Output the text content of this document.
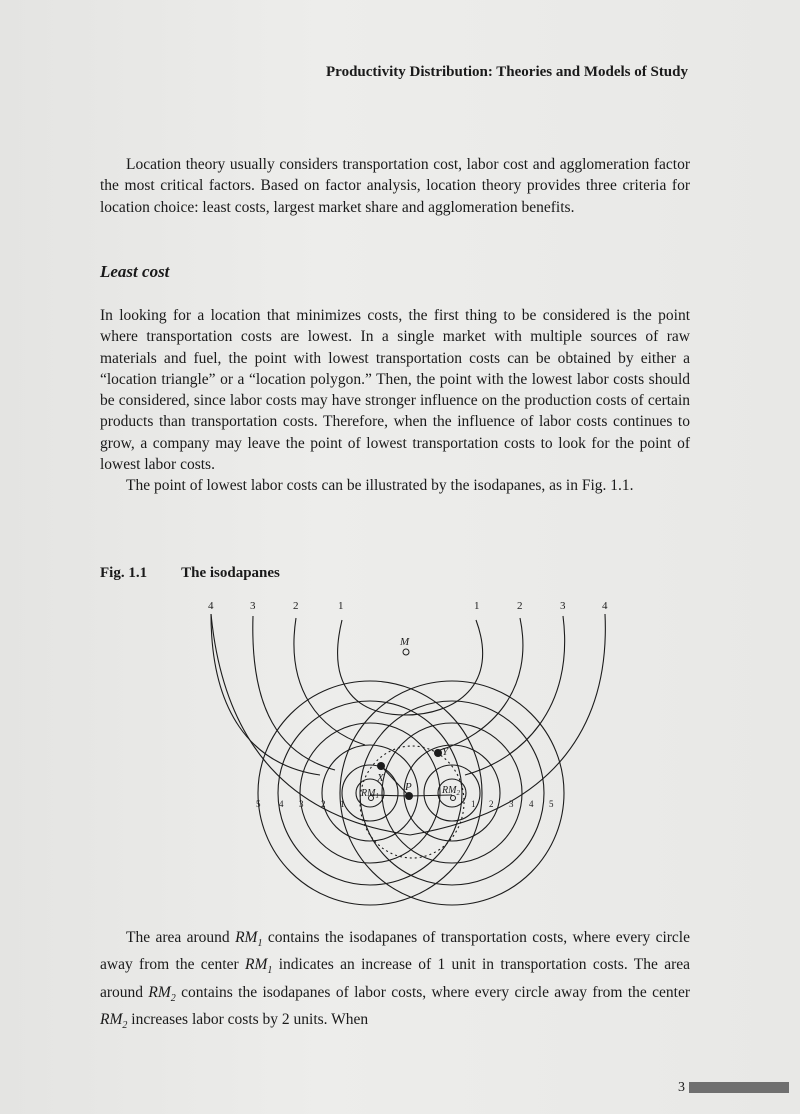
Productivity Distribution: Theories and Models of Study

Location theory usually considers transportation cost, labor cost and agglomeration factor the most critical factors. Based on factor analysis, location theory provides three criteria for location choice: least costs, largest market share and agglomeration benefits.

Least cost

In looking for a location that minimizes costs, the first thing to be considered is the point where transportation costs are lowest. In a single market with multiple sources of raw materials and fuel, the point with lowest transportation costs can be obtained by either a “location triangle” or a “location polygon.” Then, the point with the lowest labor costs should be considered, since labor costs may have stronger influence on the production costs of certain products than transportation costs. Therefore, when the influence of labor costs continues to grow, a company may leave the point of lowest transportation costs to look for the point of lowest labor costs.

The point of lowest labor costs can be illustrated by the isodapanes, as in Fig. 1.1.

Fig. 1.1 The isodapanes
4	3	2	1	1	2	3	4
5 4 3 2 1	1 2 3 4 5
M
Y
X
P
$RM_1$	$RM_2$

The area around $RM_1$ contains the isodapanes of transportation costs, where every circle away from the center $RM_1$ indicates an increase of 1 unit in transportation costs. The area around $RM_2$ contains the isodapanes of labor costs, where every circle away from the center $RM_2$ increases labor costs by 2 units. When

3
